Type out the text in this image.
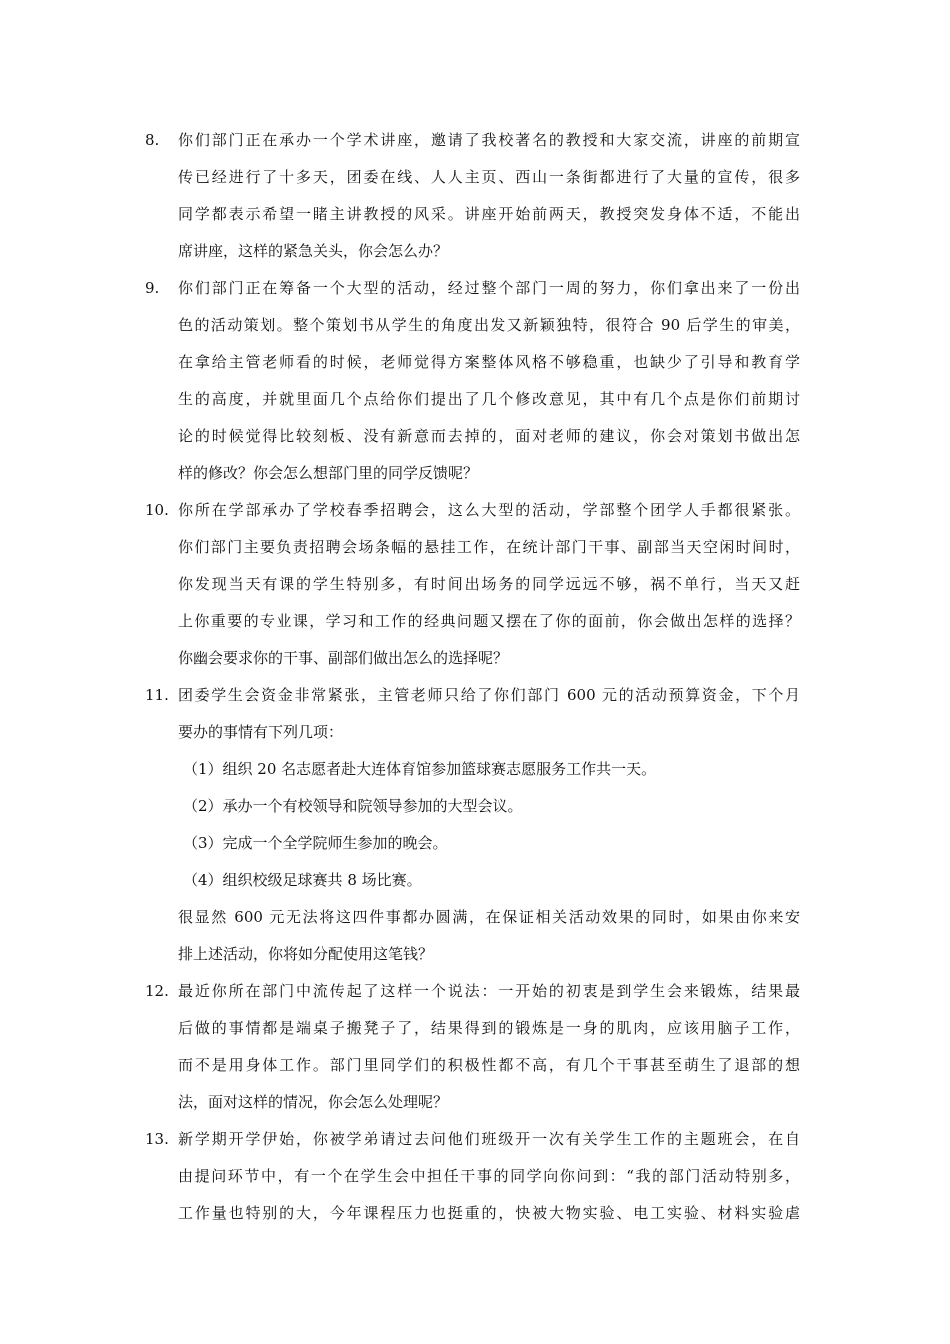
8. 你们部门正在承办一个学术讲座，邀请了我校著名的教授和大家交流，讲座的前期宣
传已经进行了十多天，团委在线、人人主页、西山一条街都进行了大量的宣传，很多
同学都表示希望一睹主讲教授的风采。讲座开始前两天，教授突发身体不适，不能出
席讲座，这样的紧急关头，你会怎么办？
9. 你们部门正在筹备一个大型的活动，经过整个部门一周的努力，你们拿出来了一份出
色的活动策划。整个策划书从学生的角度出发又新颖独特，很符合 90 后学生的审美，
在拿给主管老师看的时候，老师觉得方案整体风格不够稳重，也缺少了引导和教育学
生的高度，并就里面几个点给你们提出了几个修改意见，其中有几个点是你们前期讨
论的时候觉得比较刻板、没有新意而去掉的，面对老师的建议，你会对策划书做出怎
样的修改？你会怎么想部门里的同学反馈呢？
10. 你所在学部承办了学校春季招聘会，这么大型的活动，学部整个团学人手都很紧张。
你们部门主要负责招聘会场条幅的悬挂工作，在统计部门干事、副部当天空闲时间时，
你发现当天有课的学生特别多，有时间出场务的同学远远不够，祸不单行，当天又赶
上你重要的专业课，学习和工作的经典问题又摆在了你的面前，你会做出怎样的选择？
你幽会要求你的干事、副部们做出怎么的选择呢？
11. 团委学生会资金非常紧张，主管老师只给了你们部门 600 元的活动预算资金，下个月
要办的事情有下列几项：
（1）组织 20 名志愿者赴大连体育馆参加篮球赛志愿服务工作共一天。
（2）承办一个有校领导和院领导参加的大型会议。
（3）完成一个全学院师生参加的晚会。
（4）组织校级足球赛共 8 场比赛。
很显然 600 元无法将这四件事都办圆满，在保证相关活动效果的同时，如果由你来安
排上述活动，你将如分配使用这笔钱？
12. 最近你所在部门中流传起了这样一个说法：一开始的初衷是到学生会来锻炼，结果最
后做的事情都是端桌子搬凳子了，结果得到的锻炼是一身的肌肉，应该用脑子工作，
而不是用身体工作。部门里同学们的积极性都不高，有几个干事甚至萌生了退部的想
法，面对这样的情况，你会怎么处理呢？
13. 新学期开学伊始，你被学弟请过去问他们班级开一次有关学生工作的主题班会，在自
由提问环节中，有一个在学生会中担任干事的同学向你问到：“我的部门活动特别多，
工作量也特别的大，今年课程压力也挺重的，快被大物实验、电工实验、材料实验虐
